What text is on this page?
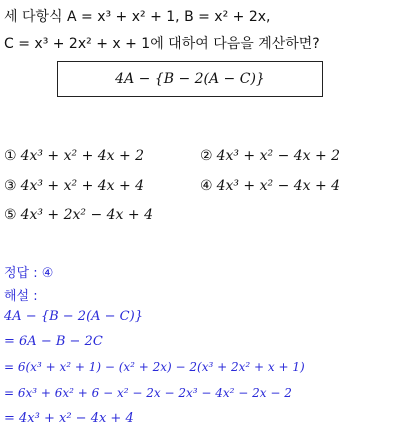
세 다항식 A = x³ + x² + 1, B = x² + 2x,
C = x³ + 2x² + x + 1에 대하여 다음을 계산하면?
4A − {B − 2(A − C)}
① 4x³ + x² + 4x + 2	② 4x³ + x² − 4x + 2
③ 4x³ + x² + 4x + 4	④ 4x³ + x² − 4x + 4
⑤ 4x³ + 2x² − 4x + 4
정답 : ④
해설 :
4A − {B − 2(A − C)}
= 6A − B − 2C
= 6(x³ + x² + 1) − (x² + 2x) − 2(x³ + 2x² + x + 1)
= 6x³ + 6x² + 6 − x² − 2x − 2x³ − 4x² − 2x − 2
= 4x³ + x² − 4x + 4
